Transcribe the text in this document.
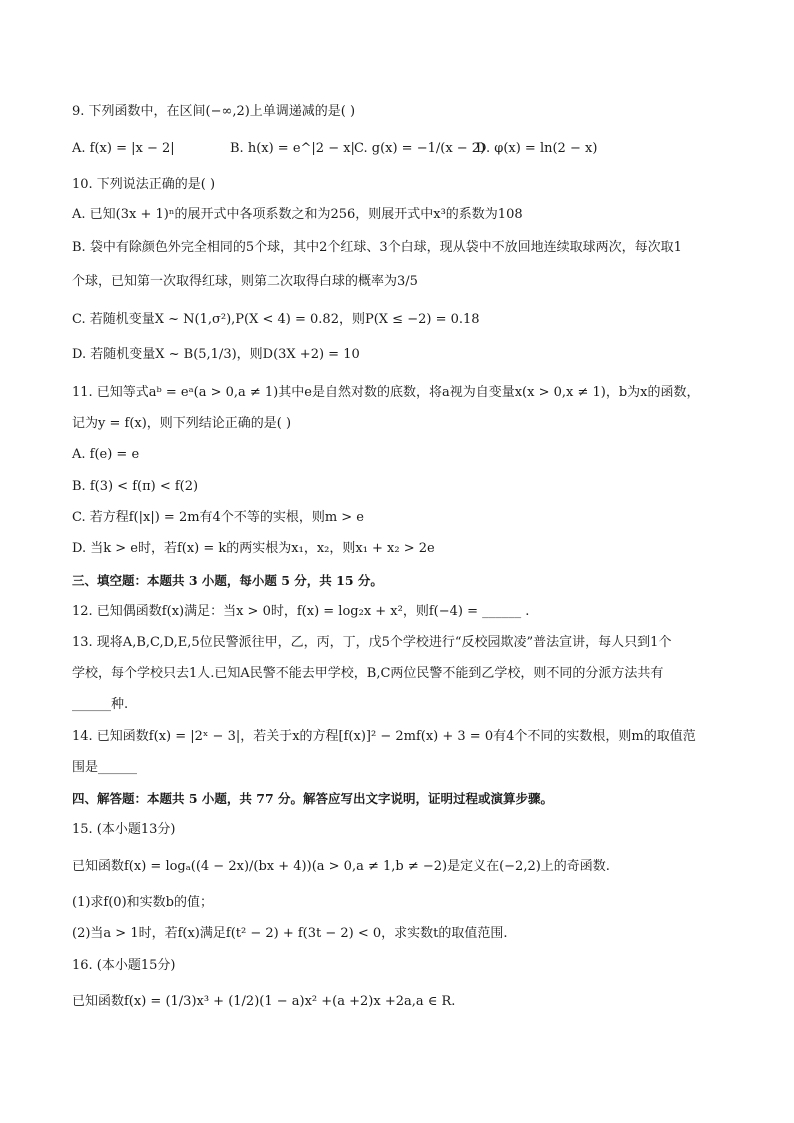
9. 下列函数中，在区间(−∞,2)上单调递减的是( )
A. f(x) = |x − 2|	B. h(x) = e^|2 − x| C. g(x) = −1/(x − 2)
D. φ(x) = ln(2 − x)
10. 下列说法正确的是( )
A. 已知(3x + 1)ⁿ的展开式中各项系数之和为256，则展开式中x³的系数为108
B. 袋中有除颜色外完全相同的5个球，其中2个红球、3个白球，现从袋中不放回地连续取球两次，每次取1
个球，已知第一次取得红球，则第二次取得白球的概率为3/5
C. 若随机变量X ~ N(1,σ²),P(X < 4) = 0.82，则P(X ≤ −2) = 0.18
D. 若随机变量X ~ B(5,1/3)，则D(3X +2) = 10
11. 已知等式aᵇ = eᵃ(a > 0,a ≠ 1)其中e是自然对数的底数，将a视为自变量x(x > 0,x ≠ 1)，b为x的函数，
记为y = f(x)，则下列结论正确的是( )
A. f(e) = e
B. f(3) < f(π) < f(2)
C. 若方程f(|x|) = 2m有4个不等的实根，则m > e
D. 当k > e时，若f(x) = k的两实根为x₁，x₂，则x₁ + x₂ > 2e
三、填空题：本题共 3 小题，每小题 5 分，共 15 分。
12. 已知偶函数f(x)满足：当x > 0时，f(x) = log₂x + x²，则f(−4) = ______ .
13. 现将A,B,C,D,E,5位民警派往甲，乙，丙，丁，戊5个学校进行“反校园欺凌”普法宣讲，每人只到1个
学校，每个学校只去1人.已知A民警不能去甲学校，B,C两位民警不能到乙学校，则不同的分派方法共有
______种.
14. 已知函数f(x) = |2ˣ − 3|，若关于x的方程[f(x)]² − 2mf(x) + 3 = 0有4个不同的实数根，则m的取值范
围是______
四、解答题：本题共 5 小题，共 77 分。解答应写出文字说明，证明过程或演算步骤。
15. (本小题13分)
已知函数f(x) = logₐ((4 − 2x)/(bx + 4))(a > 0,a ≠ 1,b ≠ −2)是定义在(−2,2)上的奇函数.
(1)求f(0)和实数b的值；
(2)当a > 1时，若f(x)满足f(t² − 2) + f(3t − 2) < 0，求实数t的取值范围.
16. (本小题15分)
已知函数f(x) = (1/3)x³ + (1/2)(1 − a)x² +(a +2)x +2a,a ∈ R.
